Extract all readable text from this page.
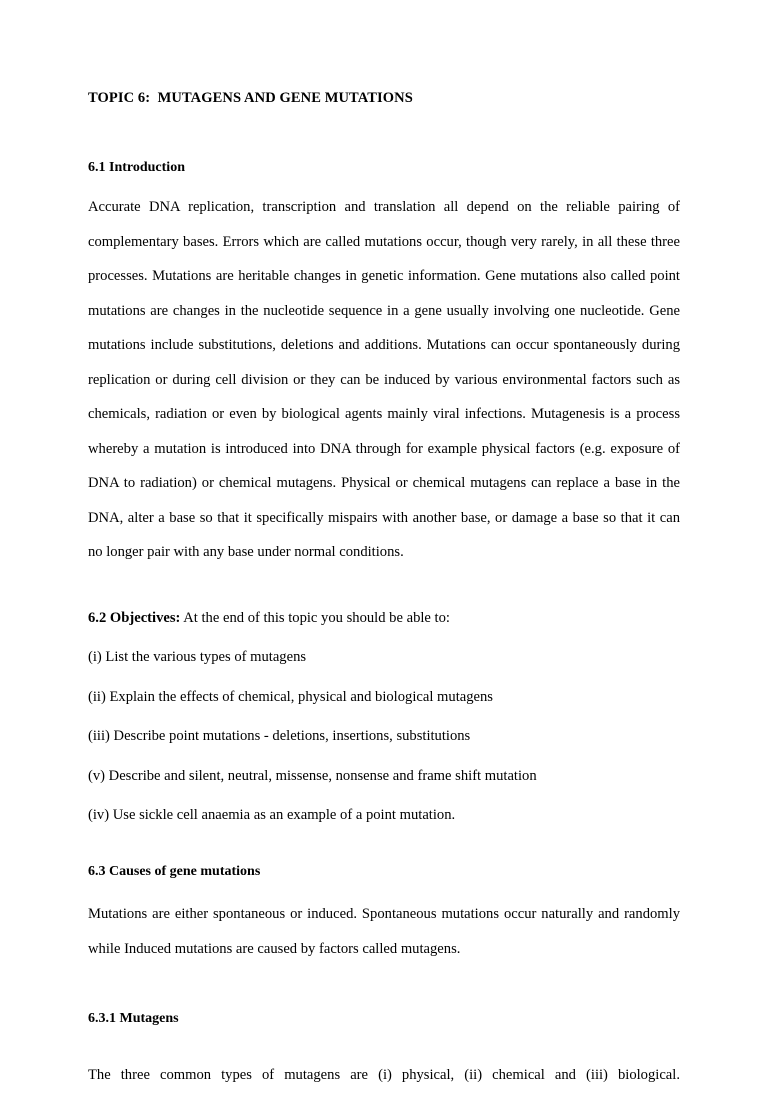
TOPIC 6:  MUTAGENS AND GENE MUTATIONS
6.1 Introduction

Accurate DNA replication, transcription and translation all depend on the reliable pairing of complementary bases. Errors which are called mutations occur, though very rarely, in all these three processes. Mutations are heritable changes in genetic information. Gene mutations also called point mutations are changes in the nucleotide sequence in a gene usually involving one nucleotide. Gene mutations include substitutions, deletions and additions. Mutations can occur spontaneously during replication or during cell division or they can be induced by various environmental factors such as chemicals, radiation or even by biological agents mainly viral infections. Mutagenesis is a process whereby a mutation is introduced into DNA through for example physical factors (e.g. exposure of DNA to radiation) or chemical mutagens. Physical or chemical mutagens can replace a base in the DNA, alter a base so that it specifically mispairs with another base, or damage a base so that it can no longer pair with any base under normal conditions.

6.2 Objectives: At the end of this topic you should be able to:

(i) List the various types of mutagens
(ii) Explain the effects of chemical, physical and biological mutagens
(iii) Describe point mutations - deletions, insertions, substitutions
(v) Describe and silent, neutral, missense, nonsense and frame shift mutation
(iv) Use sickle cell anaemia as an example of a point mutation.
6.3 Causes of gene mutations

Mutations are either spontaneous or induced. Spontaneous mutations occur naturally and randomly while Induced mutations are caused by factors called mutagens.

6.3.1 Mutagens

The three common types of mutagens are (i) physical, (ii) chemical and (iii) biological.
